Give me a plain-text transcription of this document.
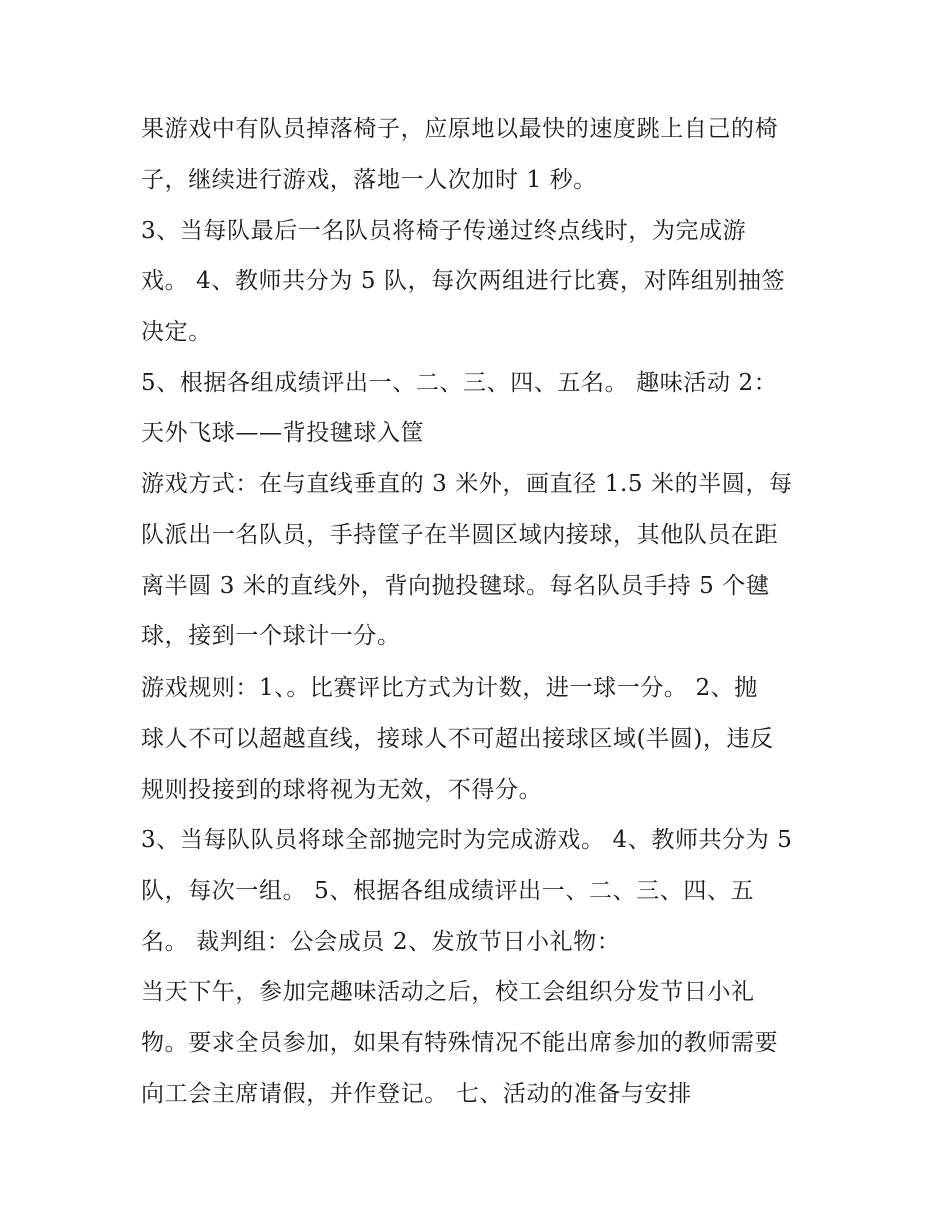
果游戏中有队员掉落椅子，应原地以最快的速度跳上自己的椅

子，继续进行游戏，落地一人次加时 1 秒。

3、当每队最后一名队员将椅子传递过终点线时，为完成游

戏。 4、教师共分为 5 队，每次两组进行比赛，对阵组别抽签

决定。

5、根据各组成绩评出一、二、三、四、五名。 趣味活动 2：

天外飞球——背投毽球入筐

游戏方式：在与直线垂直的 3 米外，画直径 1.5 米的半圆，每

队派出一名队员，手持筐子在半圆区域内接球，其他队员在距

离半圆 3 米的直线外，背向抛投毽球。每名队员手持 5 个毽

球，接到一个球计一分。

游戏规则：1、。比赛评比方式为计数，进一球一分。 2、抛

球人不可以超越直线，接球人不可超出接球区域(半圆)，违反

规则投接到的球将视为无效，不得分。

3、当每队队员将球全部抛完时为完成游戏。 4、教师共分为 5

队，每次一组。 5、根据各组成绩评出一、二、三、四、五

名。 裁判组：公会成员 2、发放节日小礼物：

当天下午，参加完趣味活动之后，校工会组织分发节日小礼

物。要求全员参加，如果有特殊情况不能出席参加的教师需要

向工会主席请假，并作登记。 七、活动的准备与安排
